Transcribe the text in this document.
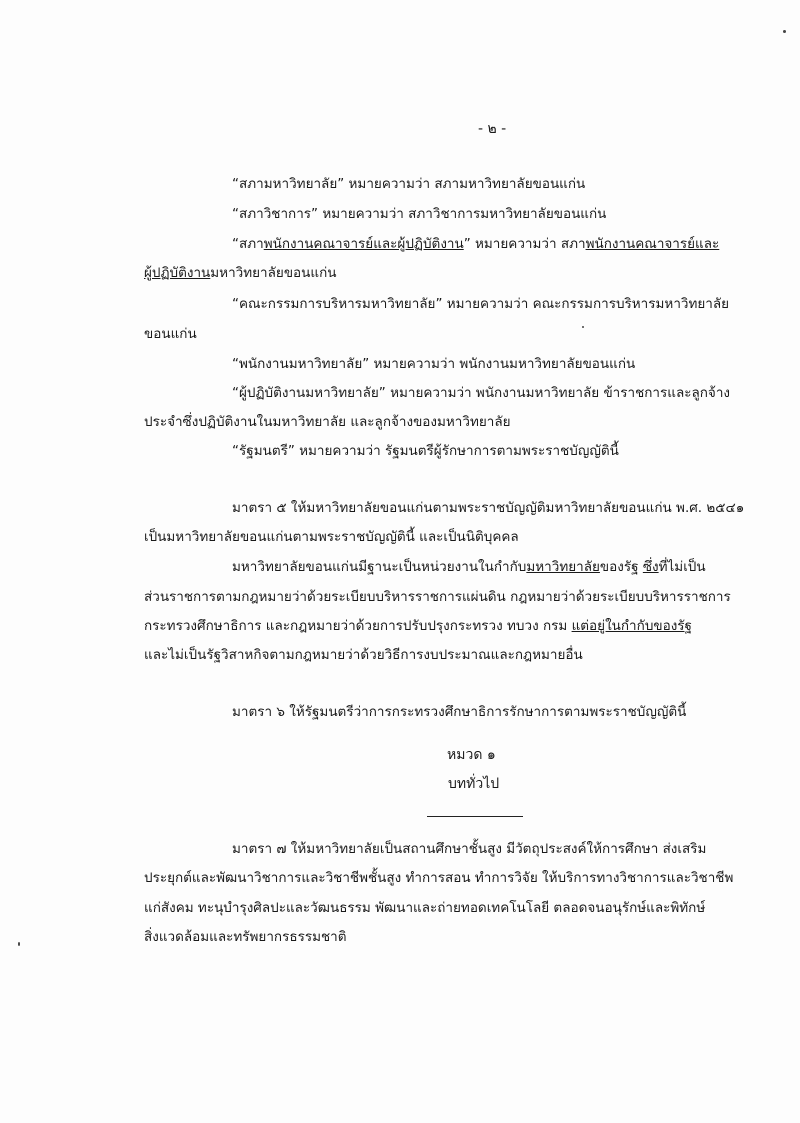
- ๒ -
“สภามหาวิทยาลัย” หมายความว่า สภามหาวิทยาลัยขอนแก่น
“สภาวิชาการ” หมายความว่า สภาวิชาการมหาวิทยาลัยขอนแก่น
“สภาพนักงานคณาจารย์และผู้ปฏิบัติงาน” หมายความว่า สภาพนักงานคณาจารย์และ
ผู้ปฏิบัติงานมหาวิทยาลัยขอนแก่น
“คณะกรรมการบริหารมหาวิทยาลัย” หมายความว่า คณะกรรมการบริหารมหาวิทยาลัย
ขอนแก่น
“พนักงานมหาวิทยาลัย” หมายความว่า พนักงานมหาวิทยาลัยขอนแก่น
“ผู้ปฏิบัติงานมหาวิทยาลัย” หมายความว่า พนักงานมหาวิทยาลัย ข้าราชการและลูกจ้าง
ประจำซึ่งปฏิบัติงานในมหาวิทยาลัย และลูกจ้างของมหาวิทยาลัย
“รัฐมนตรี” หมายความว่า รัฐมนตรีผู้รักษาการตามพระราชบัญญัตินี้
มาตรา ๕ ให้มหาวิทยาลัยขอนแก่นตามพระราชบัญญัติมหาวิทยาลัยขอนแก่น พ.ศ. ๒๕๔๑
เป็นมหาวิทยาลัยขอนแก่นตามพระราชบัญญัตินี้ และเป็นนิติบุคคล
มหาวิทยาลัยขอนแก่นมีฐานะเป็นหน่วยงานในกำกับมหาวิทยาลัยของรัฐ ซึ่งที่ไม่เป็น
ส่วนราชการตามกฎหมายว่าด้วยระเบียบบริหารราชการแผ่นดิน กฎหมายว่าด้วยระเบียบบริหารราชการ
กระทรวงศึกษาธิการ และกฎหมายว่าด้วยการปรับปรุงกระทรวง ทบวง กรม แต่อยู่ในกำกับของรัฐ
และไม่เป็นรัฐวิสาหกิจตามกฎหมายว่าด้วยวิธีการงบประมาณและกฎหมายอื่น
มาตรา ๖ ให้รัฐมนตรีว่าการกระทรวงศึกษาธิการรักษาการตามพระราชบัญญัตินี้
หมวด ๑
บททั่วไป
มาตรา ๗ ให้มหาวิทยาลัยเป็นสถานศึกษาชั้นสูง มีวัตถุประสงค์ให้การศึกษา ส่งเสริม
ประยุกต์และพัฒนาวิชาการและวิชาชีพชั้นสูง ทำการสอน ทำการวิจัย ให้บริการทางวิชาการและวิชาชีพ
แก่สังคม ทะนุบำรุงศิลปะและวัฒนธรรม พัฒนาและถ่ายทอดเทคโนโลยี ตลอดจนอนุรักษ์และพิทักษ์
สิ่งแวดล้อมและทรัพยากรธรรมชาติ
